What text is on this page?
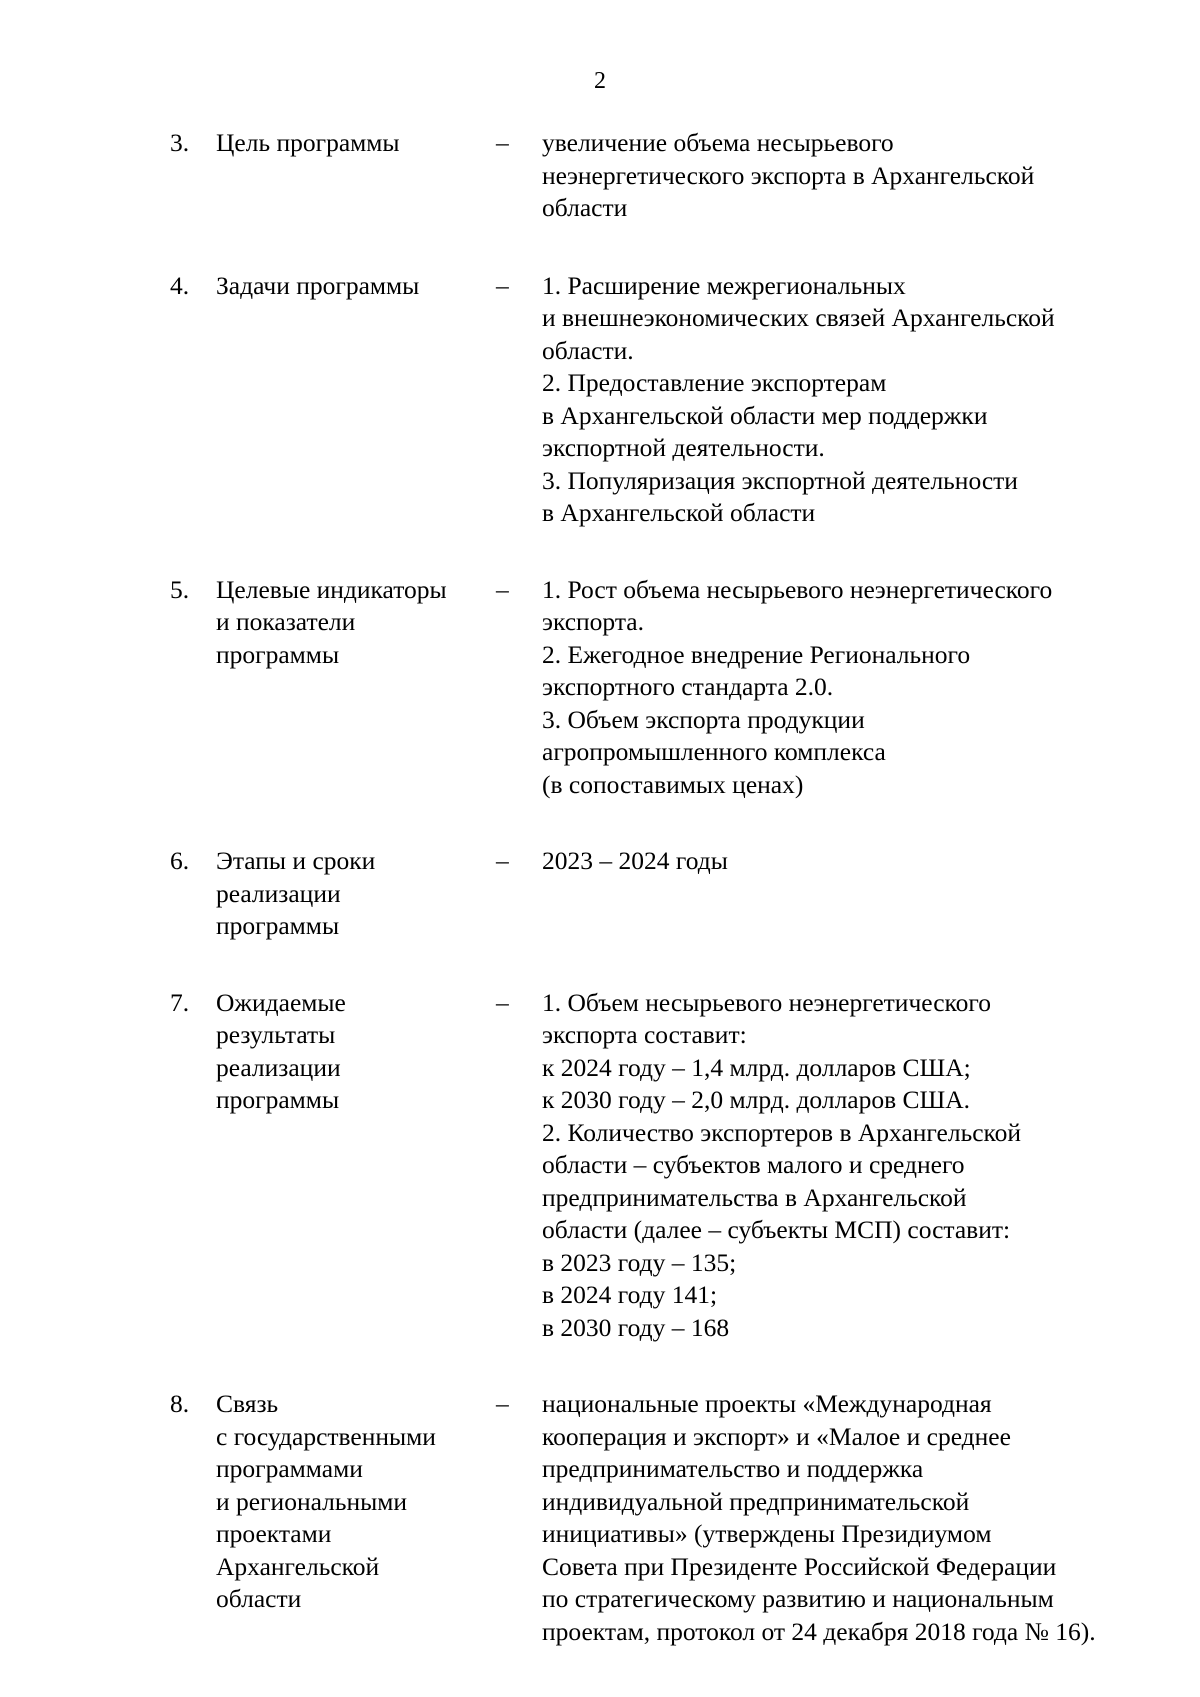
2
3. Цель программы	– увеличение объема несырьевого
неэнергетического экспорта в Архангельской
области
4. Задачи программы	– 1. Расширение межрегиональных
и внешнеэкономических связей Архангельской
области.
2. Предоставление экспортерам
в Архангельской области мер поддержки
экспортной деятельности.
3. Популяризация экспортной деятельности
в Архангельской области
5. Целевые индикаторы
и показатели
программы
– 1. Рост объема несырьевого неэнергетического
экспорта.
2. Ежегодное внедрение Регионального
экспортного стандарта 2.0.
3. Объем экспорта продукции
агропромышленного комплекса
(в сопоставимых ценах)
6. Этапы и сроки
реализации
программы
– 2023 – 2024 годы
7. Ожидаемые
результаты
реализации
программы
– 1. Объем несырьевого неэнергетического
экспорта составит:
к 2024 году – 1,4 млрд. долларов США;
к 2030 году – 2,0 млрд. долларов США.
2. Количество экспортеров в Архангельской
области – субъектов малого и среднего
предпринимательства в Архангельской
области (далее – субъекты МСП) составит:
в 2023 году – 135;
в 2024 году 141;
в 2030 году – 168
8. Связь
с государственными
программами
и региональными
проектами
Архангельской
области
– национальные проекты «Международная
кооперация и экспорт» и «Малое и среднее
предпринимательство и поддержка
индивидуальной предпринимательской
инициативы» (утверждены Президиумом
Совета при Президенте Российской Федерации
по стратегическому развитию и национальным
проектам, протокол от 24 декабря 2018 года № 16).
